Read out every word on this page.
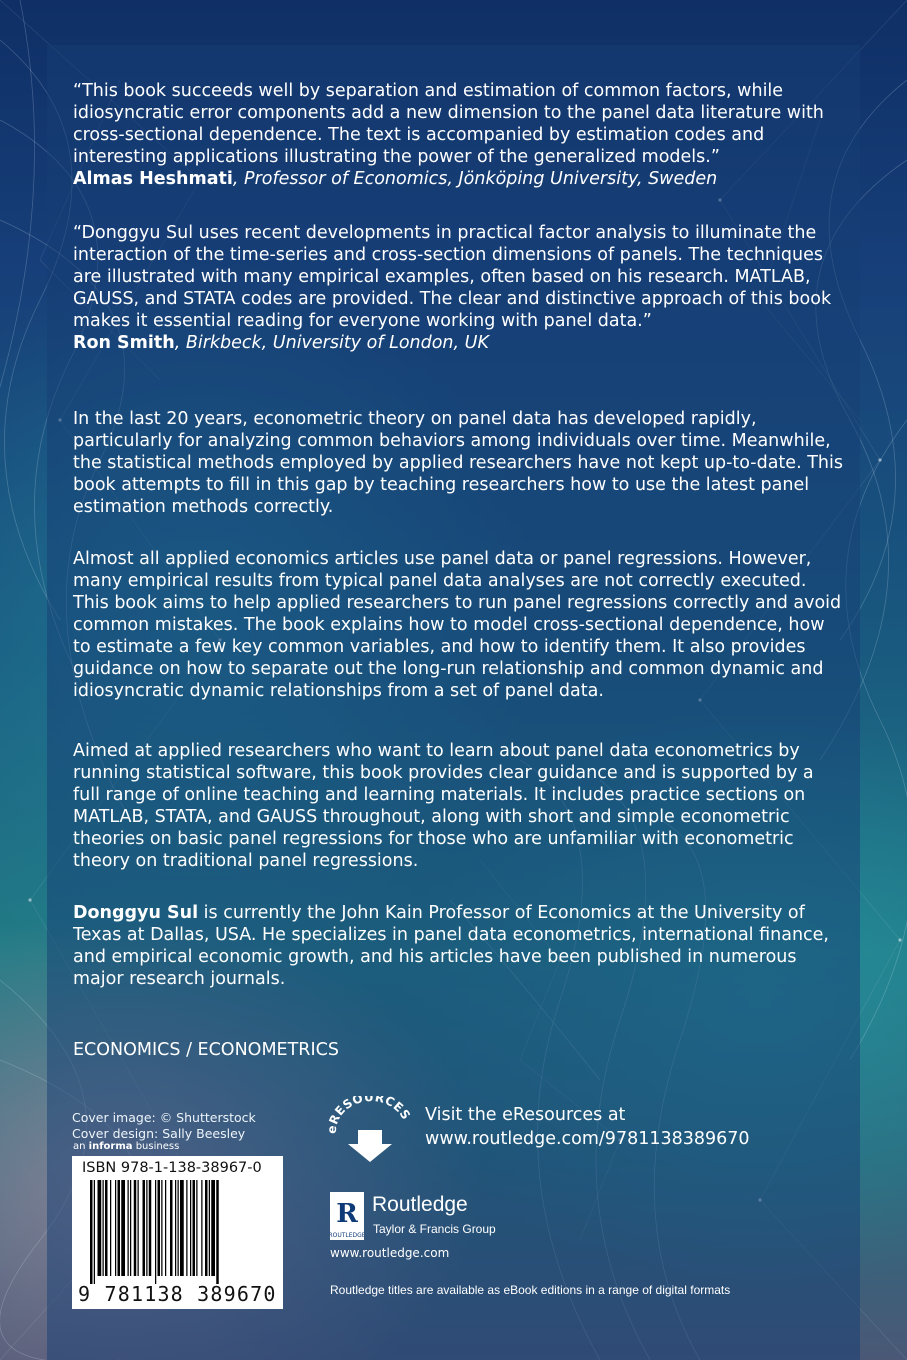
“This book succeeds well by separation and estimation of common factors, while idiosyncratic error components add a new dimension to the panel data literature with cross-sectional dependence. The text is accompanied by estimation codes and interesting applications illustrating the power of the generalized models.”

Almas Heshmati, Professor of Economics, Jönköping University, Sweden

“Donggyu Sul uses recent developments in practical factor analysis to illuminate the interaction of the time-series and cross-section dimensions of panels. The techniques are illustrated with many empirical examples, often based on his research. MATLAB, GAUSS, and STATA codes are provided. The clear and distinctive approach of this book makes it essential reading for everyone working with panel data.”

Ron Smith, Birkbeck, University of London, UK

In the last 20 years, econometric theory on panel data has developed rapidly, particularly for analyzing common behaviors among individuals over time. Meanwhile, the statistical methods employed by applied researchers have not kept up-to-date. This book attempts to fill in this gap by teaching researchers how to use the latest panel estimation methods correctly.

Almost all applied economics articles use panel data or panel regressions. However, many empirical results from typical panel data analyses are not correctly executed. This book aims to help applied researchers to run panel regressions correctly and avoid common mistakes. The book explains how to model cross-sectional dependence, how to estimate a few key common variables, and how to identify them. It also provides guidance on how to separate out the long-run relationship and common dynamic and idiosyncratic dynamic relationships from a set of panel data.

Aimed at applied researchers who want to learn about panel data econometrics by running statistical software, this book provides clear guidance and is supported by a full range of online teaching and learning materials. It includes practice sections on MATLAB, STATA, and GAUSS throughout, along with short and simple econometric theories on basic panel regressions for those who are unfamiliar with econometric theory on traditional panel regressions.

Donggyu Sul is currently the John Kain Professor of Economics at the University of Texas at Dallas, USA. He specializes in panel data econometrics, international finance, and empirical economic growth, and his articles have been published in numerous major research journals.

ECONOMICS / ECONOMETRICS
Cover image: © Shutterstock
Cover design: Sally Beesley
an informa business
ISBN 978-1-138-38967-0
9 781138 389670
ESOURCES Visit the eResources at
www.routledge.com/9781138389670
R
ROUTLEDGE
Routledge
Taylor & Francis Group
www.routledge.com
Routledge titles are available as eBook editions in a range of digital formats
